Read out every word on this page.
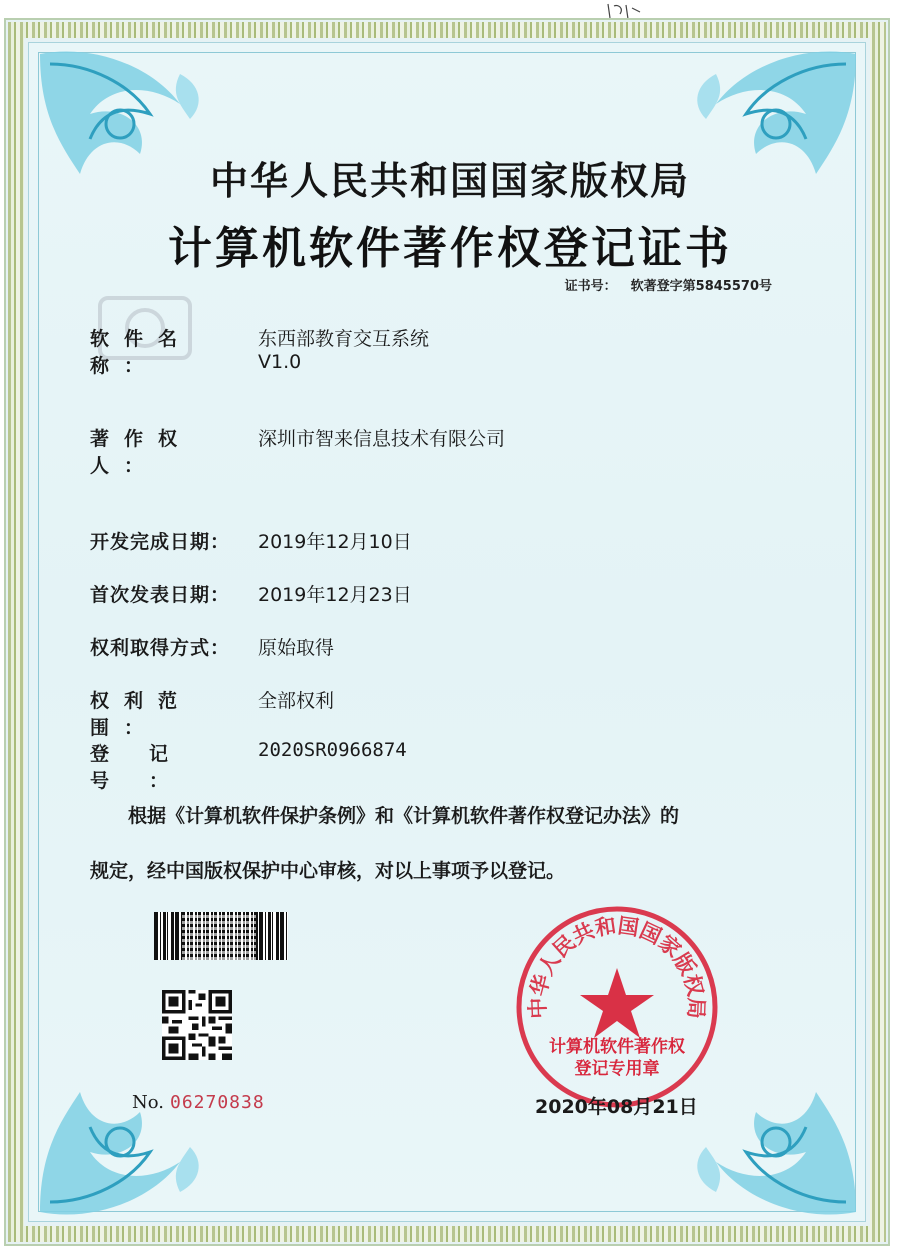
中华人民共和国国家版权局
计算机软件著作权登记证书
证书号： 软著登字第5845570号
软件名称：东西部教育交互系统
V1.0
著作权人：深圳市智来信息技术有限公司
开发完成日期： 2019年12月10日
首次发表日期： 2019年12月23日
权利取得方式： 原始取得
权利范围：全部权利
登记号：2020SR0966874
根据《计算机软件保护条例》和《计算机软件著作权登记办法》的
规定，经中国版权保护中心审核，对以上事项予以登记。
No. 06270838
中华人民共和国国家版权局
计算机软件著作权
登记专用章
2020年08月21日
